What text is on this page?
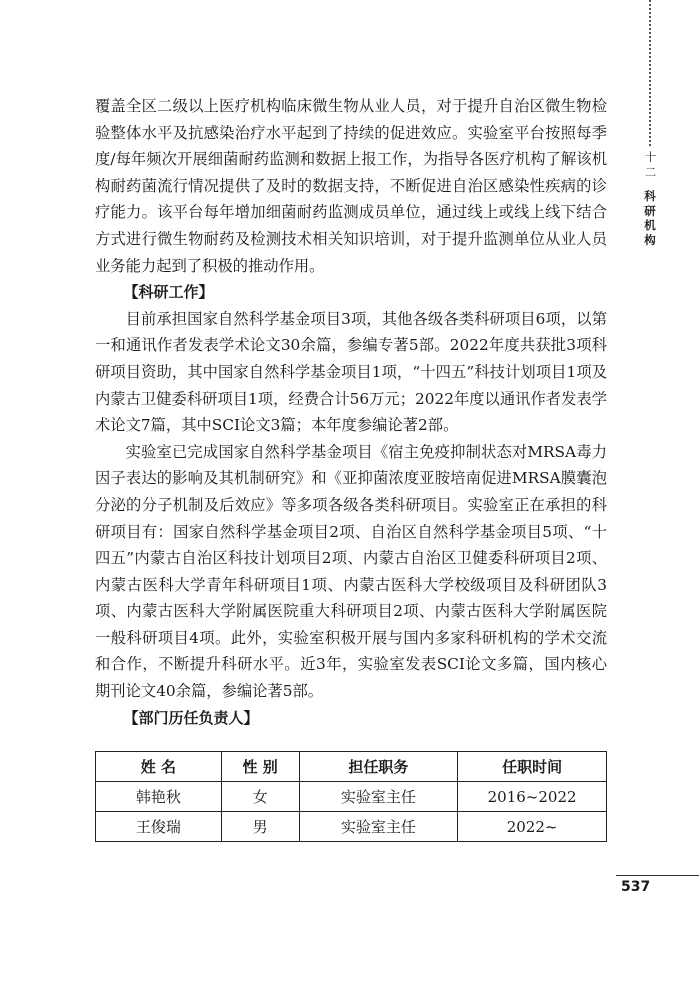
十二
科
研
机
构

覆盖全区二级以上医疗机构临床微生物从业人员，对于提升自治区微生物检验整体水平及抗感染治疗水平起到了持续的促进效应。实验室平台按照每季度/每年频次开展细菌耐药监测和数据上报工作，为指导各医疗机构了解该机构耐药菌流行情况提供了及时的数据支持，不断促进自治区感染性疾病的诊疗能力。该平台每年增加细菌耐药监测成员单位，通过线上或线上线下结合方式进行微生物耐药及检测技术相关知识培训，对于提升监测单位从业人员业务能力起到了积极的推动作用。

【科研工作】

目前承担国家自然科学基金项目3项，其他各级各类科研项目6项，以第一和通讯作者发表学术论文30余篇，参编专著5部。2022年度共获批3项科研项目资助，其中国家自然科学基金项目1项，“十四五”科技计划项目1项及内蒙古卫健委科研项目1项，经费合计56万元；2022年度以通讯作者发表学术论文7篇，其中SCI论文3篇；本年度参编论著2部。

实验室已完成国家自然科学基金项目《宿主免疫抑制状态对MRSA毒力因子表达的影响及其机制研究》和《亚抑菌浓度亚胺培南促进MRSA膜囊泡分泌的分子机制及后效应》等多项各级各类科研项目。实验室正在承担的科研项目有：国家自然科学基金项目2项、自治区自然科学基金项目5项、“十四五”内蒙古自治区科技计划项目2项、内蒙古自治区卫健委科研项目2项、内蒙古医科大学青年科研项目1项、内蒙古医科大学校级项目及科研团队3项、内蒙古医科大学附属医院重大科研项目2项、内蒙古医科大学附属医院一般科研项目4项。此外，实验室积极开展与国内多家科研机构的学术交流和合作，不断提升科研水平。近3年，实验室发表SCI论文多篇，国内核心期刊论文40余篇，参编论著5部。

【部门历任负责人】

姓 名	性 别	担任职务	任职时间
韩艳秋	女	实验室主任	2016~2022
王俊瑞	男	实验室主任	2022~
537
